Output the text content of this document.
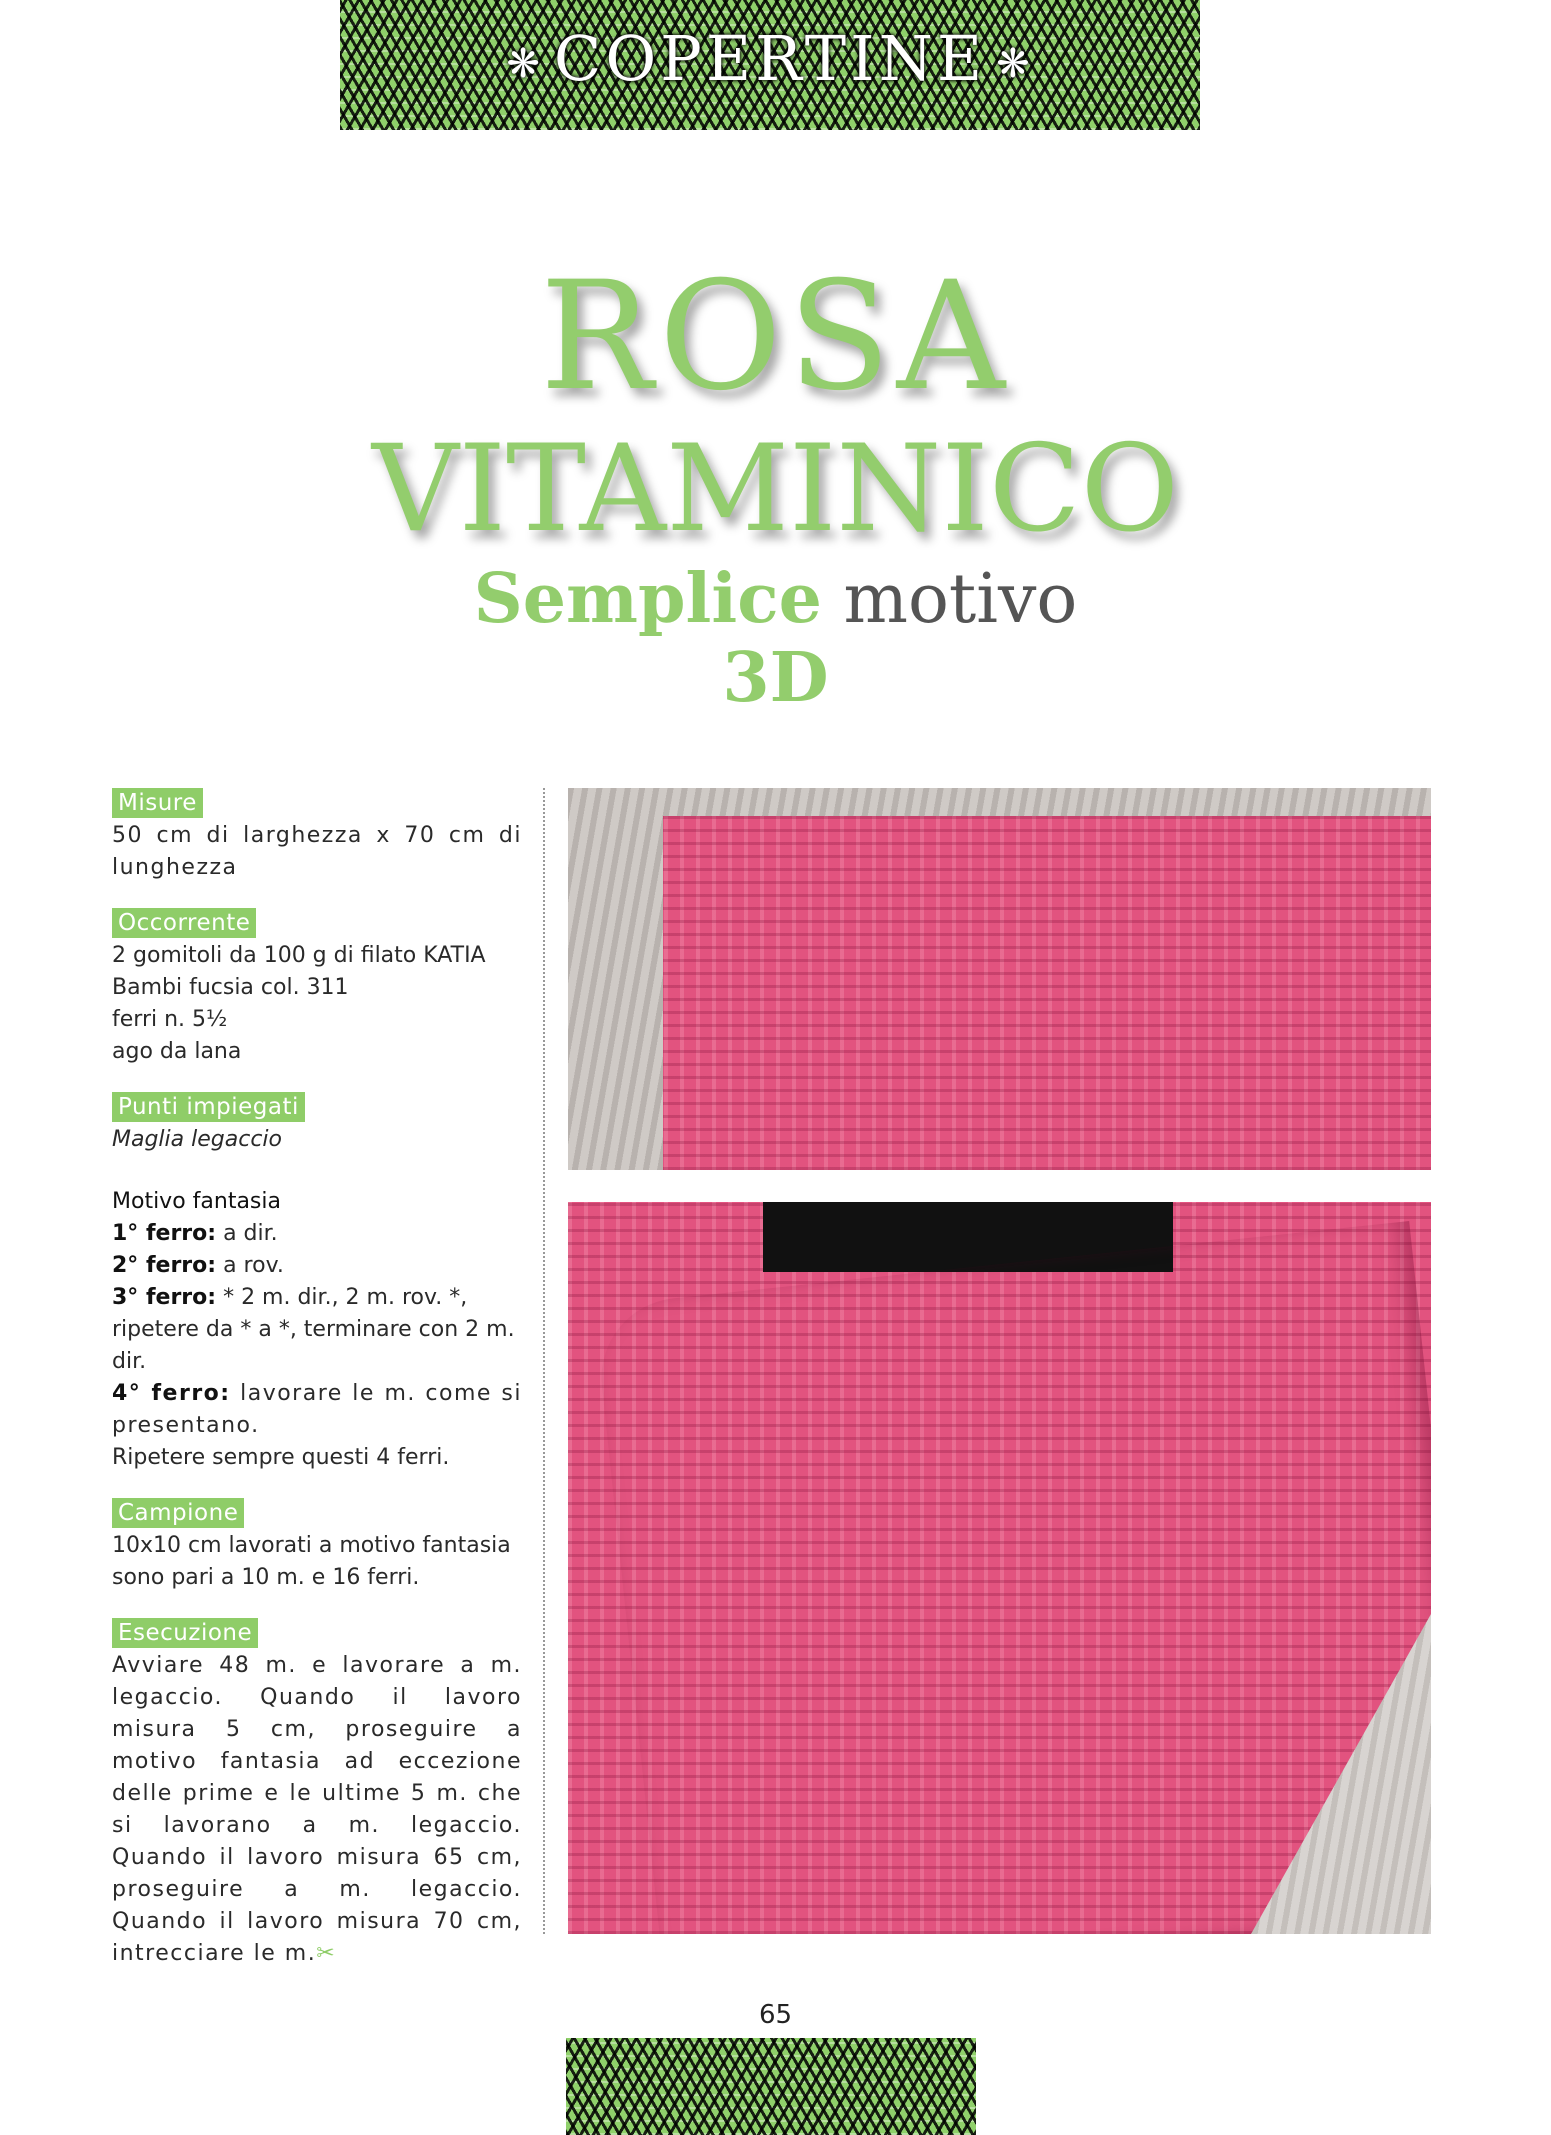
❋ COPERTINE ❋
ROSA
VITAMINICO
Semplice motivo
3D
Misure

50 cm di larghezza x 70 cm di lunghezza

Occorrente

2 gomitoli da 100 g di filato KATIA

Bambi fucsia col. 311

ferri n. 5½

ago da lana

Punti impiegati

Maglia legaccio

Motivo fantasia

1° ferro: a dir.

2° ferro: a rov.

3° ferro: * 2 m. dir., 2 m. rov. *, ripetere da * a *, terminare con 2 m. dir.

4° ferro: lavorare le m. come si presentano.

Ripetere sempre questi 4 ferri.

Campione

10x10 cm lavorati a motivo fantasia sono pari a 10 m. e 16 ferri.

Esecuzione

Avviare 48 m. e lavorare a m. legaccio. Quando il lavoro misura 5 cm, proseguire a motivo fantasia ad eccezione delle prime e le ultime 5 m. che si lavorano a m. legaccio. Quando il lavoro misura 65 cm, proseguire a m. legaccio. Quando il lavoro misura 70 cm, intrecciare le m.✂

65
